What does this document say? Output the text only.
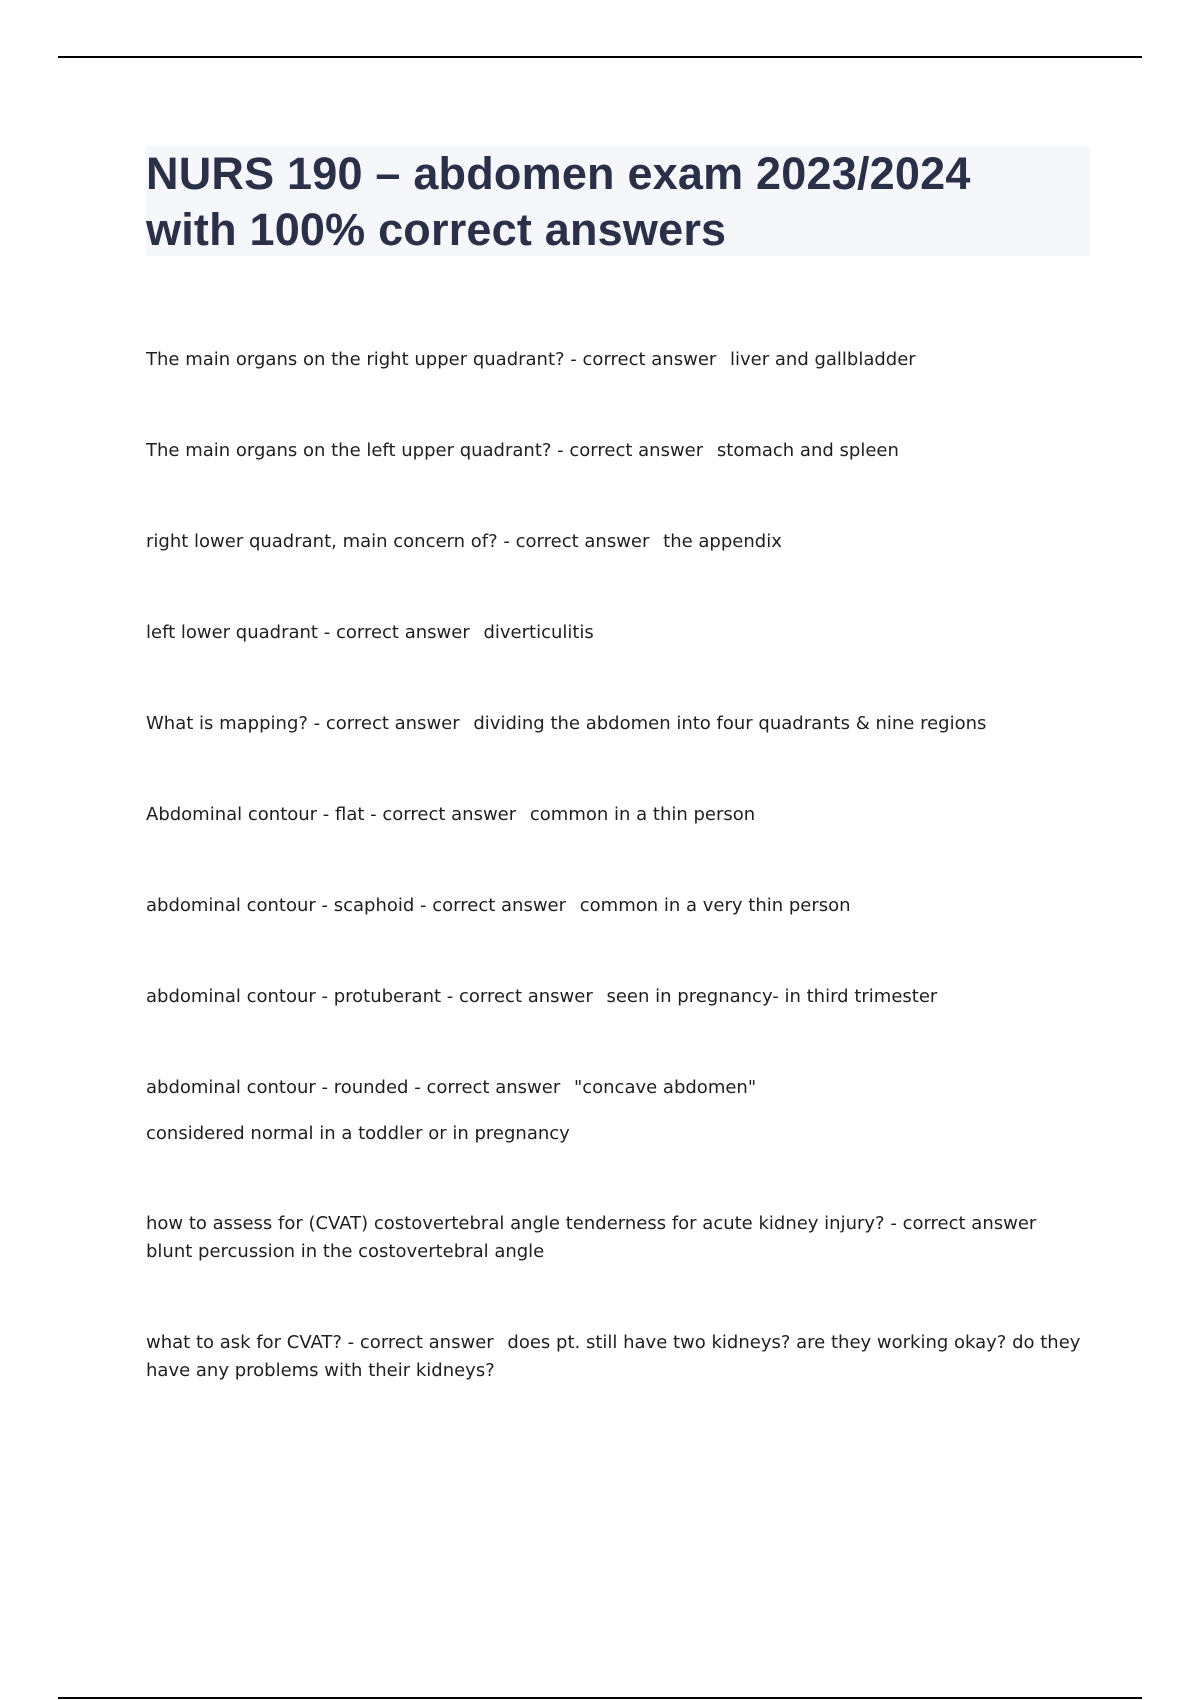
NURS 190 – abdomen exam 2023/2024
with 100% correct answers
The main organs on the right upper quadrant? - correct answer liver and gallbladder
The main organs on the left upper quadrant? - correct answer stomach and spleen
right lower quadrant, main concern of? - correct answer the appendix
left lower quadrant - correct answer diverticulitis
What is mapping? - correct answer dividing the abdomen into four quadrants & nine regions
Abdominal contour - flat - correct answer common in a thin person
abdominal contour - scaphoid - correct answer common in a very thin person
abdominal contour - protuberant - correct answer seen in pregnancy- in third trimester
abdominal contour - rounded - correct answer "concave abdomen"
considered normal in a toddler or in pregnancy
how to assess for (CVAT) costovertebral angle tenderness for acute kidney injury? - correct answer blunt percussion in the costovertebral angle
what to ask for CVAT? - correct answer does pt. still have two kidneys? are they working okay? do they have any problems with their kidneys?
